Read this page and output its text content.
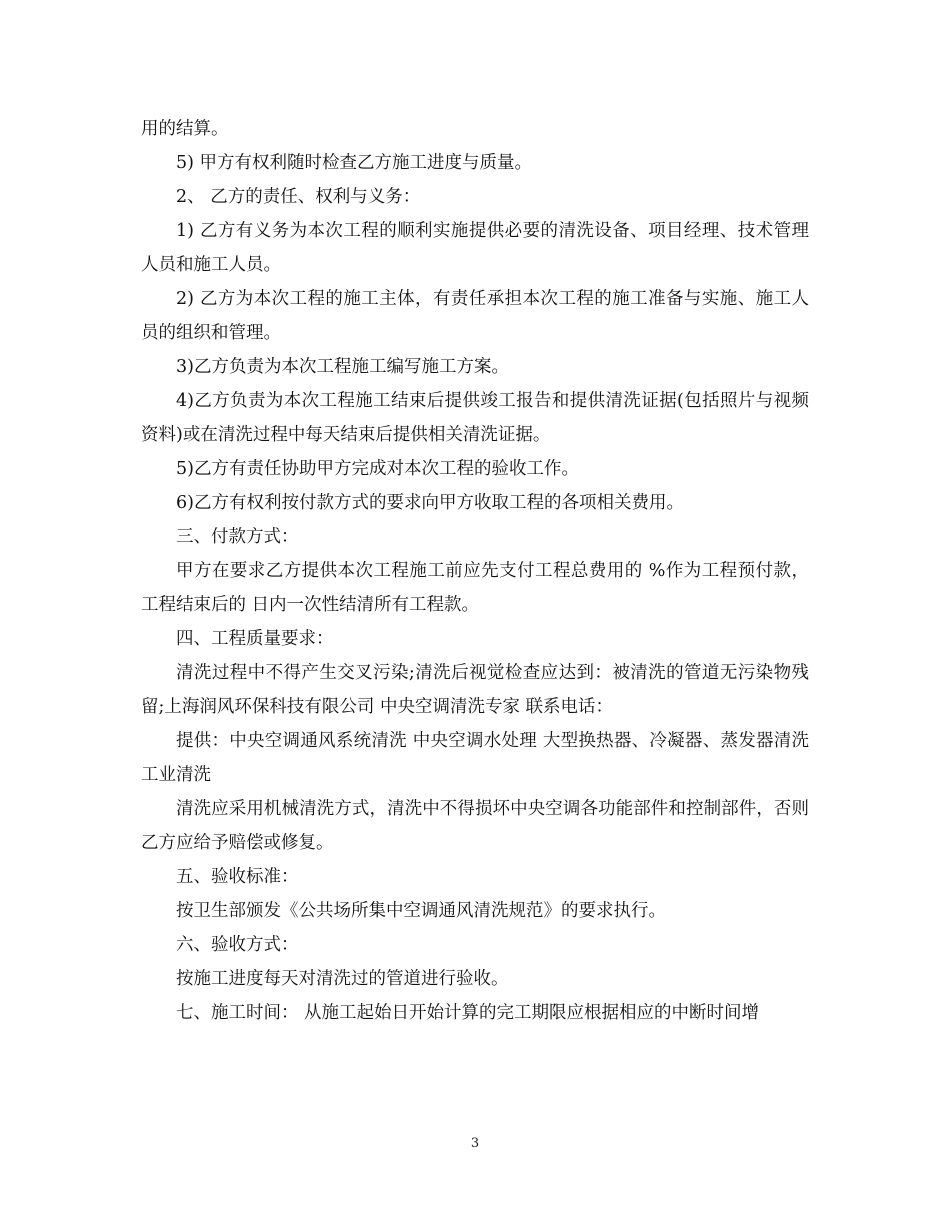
用的结算。

5) 甲方有权利随时检查乙方施工进度与质量。

2、 乙方的责任、权利与义务：

1) 乙方有义务为本次工程的顺利实施提供必要的清洗设备、项目经理、技术管理人员和施工人员。

2) 乙方为本次工程的施工主体，有责任承担本次工程的施工准备与实施、施工人员的组织和管理。

3)乙方负责为本次工程施工编写施工方案。

4)乙方负责为本次工程施工结束后提供竣工报告和提供清洗证据(包括照片与视频资料)或在清洗过程中每天结束后提供相关清洗证据。

5)乙方有责任协助甲方完成对本次工程的验收工作。

6)乙方有权利按付款方式的要求向甲方收取工程的各项相关费用。

三、付款方式：

甲方在要求乙方提供本次工程施工前应先支付工程总费用的 %作为工程预付款，工程结束后的 日内一次性结清所有工程款。

四、工程质量要求：

清洗过程中不得产生交叉污染;清洗后视觉检查应达到：被清洗的管道无污染物残留;上海润风环保科技有限公司 中央空调清洗专家 联系电话：

提供：中央空调通风系统清洗 中央空调水处理 大型换热器、冷凝器、蒸发器清洗 工业清洗

清洗应采用机械清洗方式，清洗中不得损坏中央空调各功能部件和控制部件，否则乙方应给予赔偿或修复。

五、验收标准：

按卫生部颁发《公共场所集中空调通风清洗规范》的要求执行。

六、验收方式：

按施工进度每天对清洗过的管道进行验收。

七、施工时间： 从施工起始日开始计算的完工期限应根据相应的中断时间增

3
